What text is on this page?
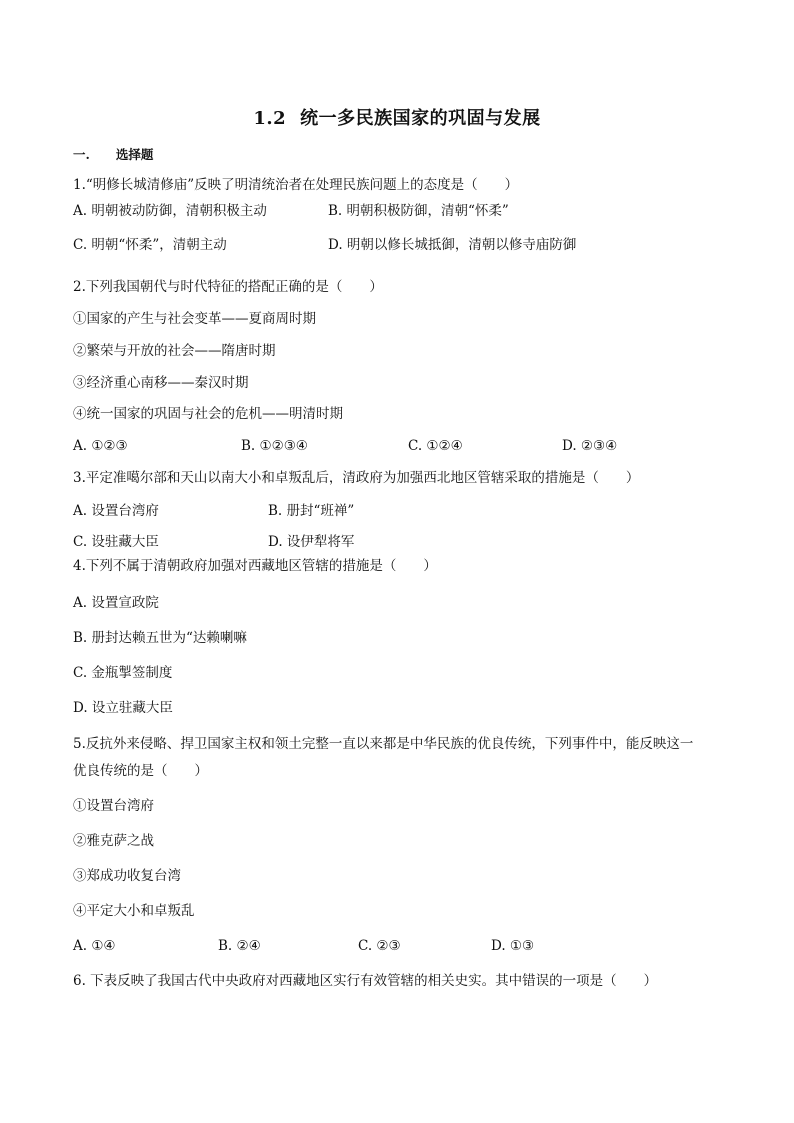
1.2 统一多民族国家的巩固与发展
一. 选择题
1.“明修长城清修庙”反映了明清统治者在处理民族问题上的态度是（　　）
A. 明朝被动防御，清朝积极主动	B. 明朝积极防御，清朝“怀柔”
C. 明朝“怀柔”，清朝主动	D. 明朝以修长城抵御，清朝以修寺庙防御
2.下列我国朝代与时代特征的搭配正确的是（　　）
①国家的产生与社会变革——夏商周时期
②繁荣与开放的社会——隋唐时期
③经济重心南移——秦汉时期
④统一国家的巩固与社会的危机——明清时期
A. ①②③	B. ①②③④	C. ①②④	D. ②③④
3.平定准噶尔部和天山以南大小和卓叛乱后，清政府为加强西北地区管辖采取的措施是（　　）
A. 设置台湾府	B. 册封“班禅”
C. 设驻藏大臣	D. 设伊犁将军
4.下列不属于清朝政府加强对西藏地区管辖的措施是（　　）
A. 设置宣政院
B. 册封达赖五世为“达赖喇嘛
C. 金瓶掣签制度
D. 设立驻藏大臣
5.反抗外来侵略、捍卫国家主权和领土完整一直以来都是中华民族的优良传统，下列事件中，能反映这一
优良传统的是（　　）
①设置台湾府
②雅克萨之战
③郑成功收复台湾
④平定大小和卓叛乱
A. ①④	B. ②④	C. ②③	D. ①③
6. 下表反映了我国古代中央政府对西藏地区实行有效管辖的相关史实。其中错误的一项是（　　）
